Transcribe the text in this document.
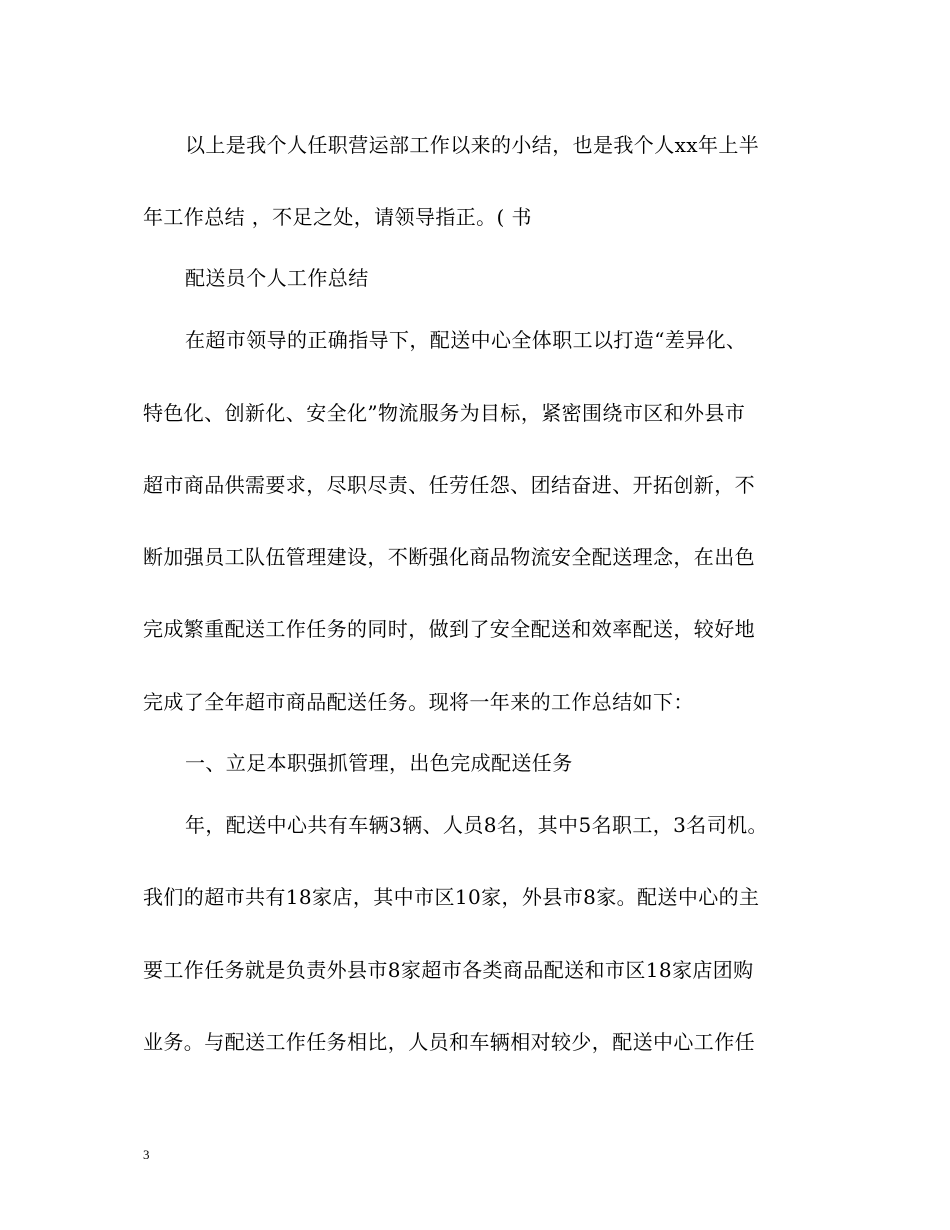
以上是我个人任职营运部工作以来的小结，也是我个人xx年上半
年工作总结 ，不足之处，请领导指正。( 书
配送员个人工作总结
在超市领导的正确指导下，配送中心全体职工以打造“差异化、
特色化、创新化、安全化”物流服务为目标，紧密围绕市区和外县市
超市商品供需要求，尽职尽责、任劳任怨、团结奋进、开拓创新，不
断加强员工队伍管理建设，不断强化商品物流安全配送理念，在出色
完成繁重配送工作任务的同时，做到了安全配送和效率配送，较好地
完成了全年超市商品配送任务。现将一年来的工作总结如下：
一、立足本职强抓管理，出色完成配送任务
年，配送中心共有车辆3辆、人员8名，其中5名职工，3名司机。
我们的超市共有18家店，其中市区10家，外县市8家。配送中心的主
要工作任务就是负责外县市8家超市各类商品配送和市区18家店团购
业务。与配送工作任务相比，人员和车辆相对较少，配送中心工作任
3
